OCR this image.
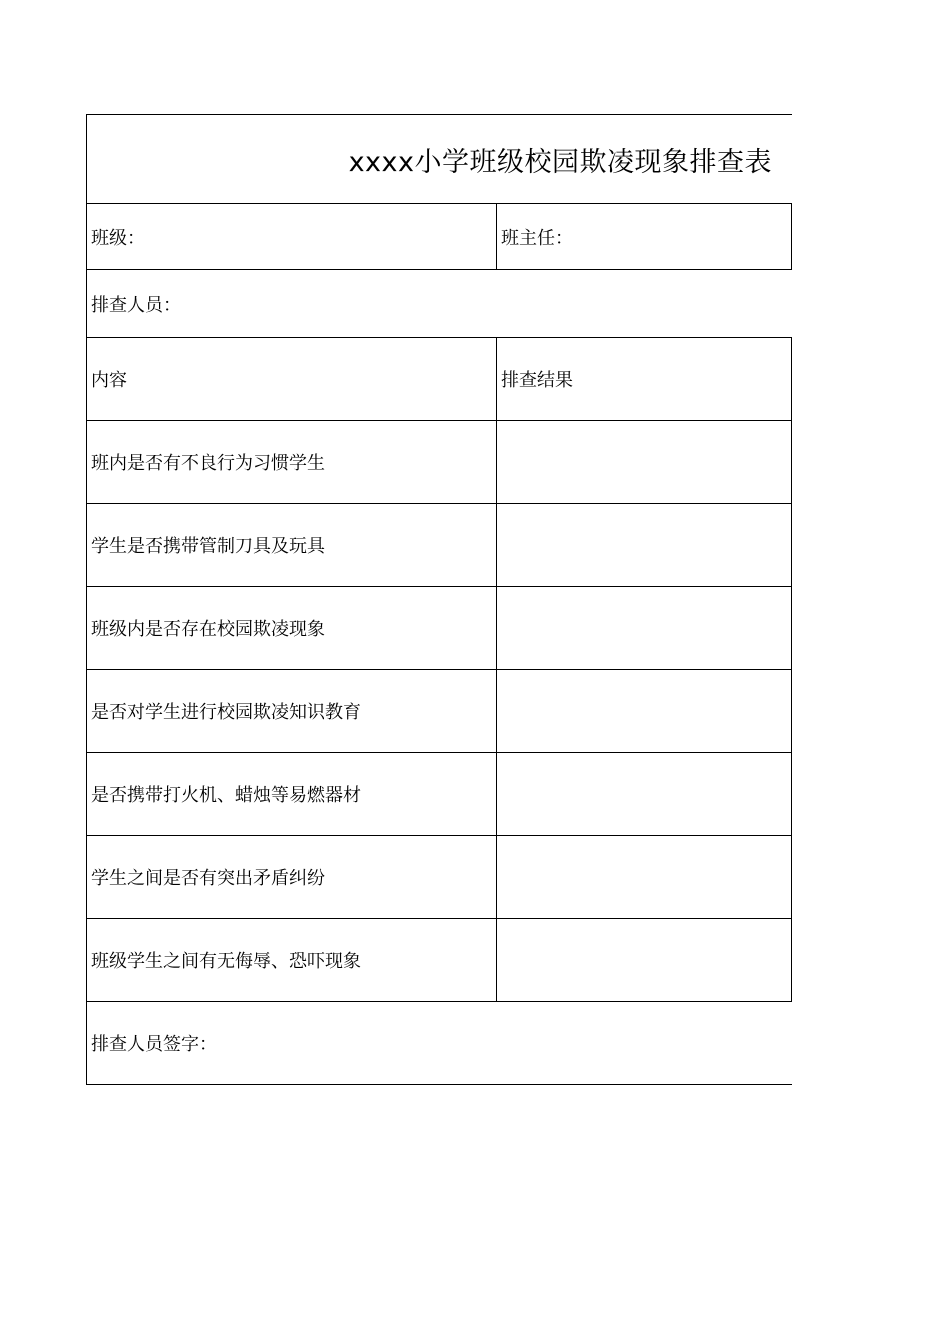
xxxx小学班级校园欺凌现象排查表
班级：	班主任：
排查人员：
内容	排查结果
班内是否有不良行为习惯学生
学生是否携带管制刀具及玩具
班级内是否存在校园欺凌现象
是否对学生进行校园欺凌知识教育
是否携带打火机、蜡烛等易燃器材
学生之间是否有突出矛盾纠纷
班级学生之间有无侮辱、恐吓现象
排查人员签字：
